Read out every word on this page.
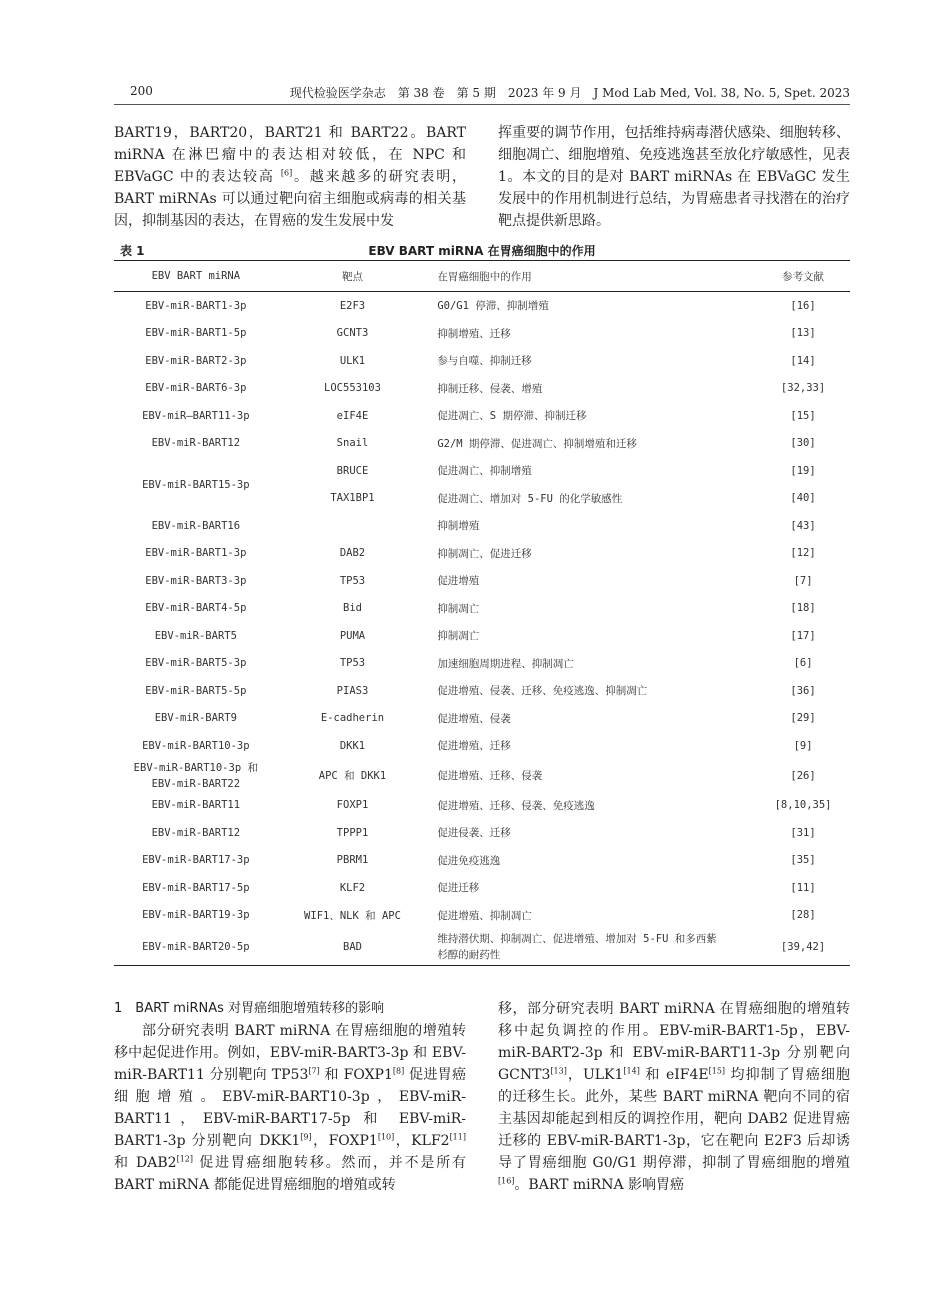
200	现代检验医学杂志　第 38 卷　第 5 期　2023 年 9 月　J Mod Lab Med, Vol. 38, No. 5, Spet. 2023

BART19，BART20，BART21 和 BART22。BART miRNA 在淋巴瘤中的表达相对较低，在 NPC 和 EBVaGC 中的表达较高 [6]。越来越多的研究表明，BART miRNAs 可以通过靶向宿主细胞或病毒的相关基因，抑制基因的表达，在胃癌的发生发展中发

挥重要的调节作用，包括维持病毒潜伏感染、细胞转移、细胞凋亡、细胞增殖、免疫逃逸甚至放化疗敏感性，见表 1。本文的目的是对 BART miRNAs 在 EBVaGC 发生发展中的作用机制进行总结，为胃癌患者寻找潜在的治疗靶点提供新思路。

表 1	EBV BART miRNA 在胃癌细胞中的作用
EBV BART miRNA	靶点	在胃癌细胞中的作用	参考文献
EBV-miR-BART1-3p	E2F3	G0/G1 停滞、抑制增殖	[16]
EBV-miR-BART1-5p	GCNT3	抑制增殖、迁移	[13]
EBV-miR-BART2-3p	ULK1	参与自噬、抑制迁移	[14]
EBV-miR-BART6-3p	LOC553103	抑制迁移、侵袭、增殖	[32,33]
EBV-miR–BART11-3p	eIF4E	促进凋亡、S 期停滞、抑制迁移	[15]
EBV-miR-BART12	Snail	G2/M 期停滞、促进凋亡、抑制增殖和迁移	[30]
EBV-miR-BART15-3p	BRUCE	促进凋亡、抑制增殖	[19]
	TAX1BP1	促进凋亡、增加对 5-FU 的化学敏感性	[40]
EBV-miR-BART16		抑制增殖	[43]
EBV-miR-BART1-3p	DAB2	抑制凋亡、促进迁移	[12]
EBV-miR-BART3-3p	TP53	促进增殖	[7]
EBV-miR-BART4-5p	Bid	抑制凋亡	[18]
EBV-miR-BART5	PUMA	抑制凋亡	[17]
EBV-miR-BART5-3p	TP53	加速细胞周期进程、抑制凋亡	[6]
EBV-miR-BART5-5p	PIAS3	促进增殖、侵袭、迁移、免疫逃逸、抑制凋亡	[36]
EBV-miR-BART9	E-cadherin	促进增殖、侵袭	[29]
EBV-miR-BART10-3p	DKK1	促进增殖、迁移	[9]
EBV-miR-BART10-3p 和
EBV-miR-BART22	APC 和 DKK1	促进增殖、迁移、侵袭	[26]
EBV-miR-BART11	FOXP1	促进增殖、迁移、侵袭、免疫逃逸	[8,10,35]
EBV-miR-BART12	TPPP1	促进侵袭、迁移	[31]
EBV-miR-BART17-3p	PBRM1	促进免疫逃逸	[35]
EBV-miR-BART17-5p	KLF2	促进迁移	[11]
EBV-miR-BART19-3p	WIF1、NLK 和 APC	促进增殖、抑制凋亡	[28]
EBV-miR-BART20-5p	BAD	维持潜伏期、抑制凋亡、促进增殖、增加对 5-FU 和多西紫
杉醇的耐药性	[39,42]

1　BART miRNAs 对胃癌细胞增殖转移的影响

部分研究表明 BART miRNA 在胃癌细胞的增殖转移中起促进作用。例如，EBV-miR-BART3-3p 和 EBV-miR-BART11 分别靶向 TP53[7] 和 FOXP1[8] 促进胃癌细胞增殖。EBV-miR-BART10-3p，EBV-miR-BART11，EBV-miR-BART17-5p 和 EBV-miR-BART1-3p 分别靶向 DKK1[9]，FOXP1[10]，KLF2[11] 和 DAB2[12] 促进胃癌细胞转移。然而，并不是所有 BART miRNA 都能促进胃癌细胞的增殖或转

移，部分研究表明 BART miRNA 在胃癌细胞的增殖转移中起负调控的作用。EBV-miR-BART1-5p，EBV-miR-BART2-3p 和 EBV-miR-BART11-3p 分别靶向 GCNT3[13]，ULK1[14] 和 eIF4E[15] 均抑制了胃癌细胞的迁移生长。此外，某些 BART miRNA 靶向不同的宿主基因却能起到相反的调控作用，靶向 DAB2 促进胃癌迁移的 EBV-miR-BART1-3p，它在靶向 E2F3 后却诱导了胃癌细胞 G0/G1 期停滞，抑制了胃癌细胞的增殖 [16]。BART miRNA 影响胃癌
